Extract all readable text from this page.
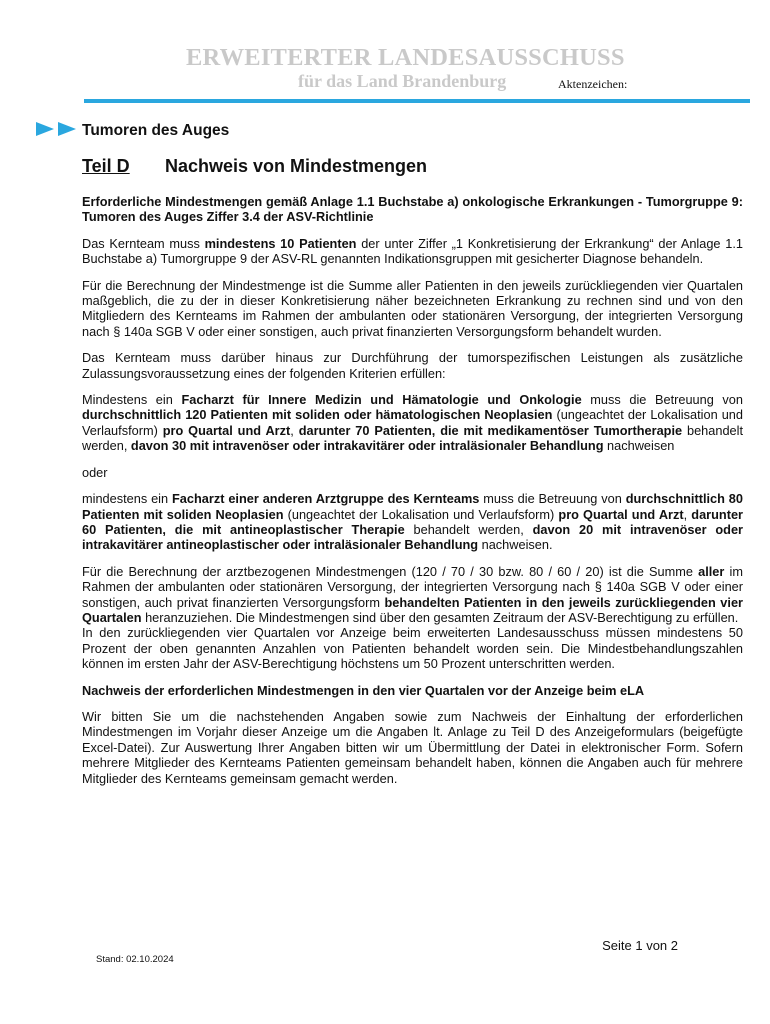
ERWEITERTER LANDESAUSSCHUSS
für das Land Brandenburg	Aktenzeichen:
Tumoren des Auges
Teil D Nachweis von Mindestmengen

Erforderliche Mindestmengen gemäß Anlage 1.1 Buchstabe a) onkologische Erkrankungen - Tumorgruppe 9: Tumoren des Auges Ziffer 3.4 der ASV-Richtlinie

Das Kernteam muss mindestens 10 Patienten der unter Ziffer „1 Konkretisierung der Erkrankung“ der Anlage 1.1 Buchstabe a) Tumorgruppe 9 der ASV-RL genannten Indikationsgruppen mit gesicherter Diagnose behandeln.

Für die Berechnung der Mindestmenge ist die Summe aller Patienten in den jeweils zurückliegenden vier Quartalen maßgeblich, die zu der in dieser Konkretisierung näher bezeichneten Erkrankung zu rechnen sind und von den Mitgliedern des Kernteams im Rahmen der ambulanten oder stationären Versorgung, der integrierten Versorgung nach § 140a SGB V oder einer sonstigen, auch privat finanzierten Versorgungsform behandelt wurden.

Das Kernteam muss darüber hinaus zur Durchführung der tumorspezifischen Leistungen als zusätzliche Zulassungsvoraussetzung eines der folgenden Kriterien erfüllen:

Mindestens ein Facharzt für Innere Medizin und Hämatologie und Onkologie muss die Betreuung von durchschnittlich 120 Patienten mit soliden oder hämatologischen Neoplasien (ungeachtet der Lokalisation und Verlaufsform) pro Quartal und Arzt, darunter 70 Patienten, die mit medikamentöser Tumortherapie behandelt werden, davon 30 mit intravenöser oder intrakavitärer oder intraläsionaler Behandlung nachweisen

oder

mindestens ein Facharzt einer anderen Arztgruppe des Kernteams muss die Betreuung von durchschnittlich 80 Patienten mit soliden Neoplasien (ungeachtet der Lokalisation und Verlaufsform) pro Quartal und Arzt, darunter 60 Patienten, die mit antineoplastischer Therapie behandelt werden, davon 20 mit intravenöser oder intrakavitärer antineoplastischer oder intraläsionaler Behandlung nachweisen.

Für die Berechnung der arztbezogenen Mindestmengen (120 / 70 / 30 bzw. 80 / 60 / 20) ist die Summe aller im Rahmen der ambulanten oder stationären Versorgung, der integrierten Versorgung nach § 140a SGB V oder einer sonstigen, auch privat finanzierten Versorgungsform behandelten Patienten in den jeweils zurückliegenden vier Quartalen heranzuziehen. Die Mindestmengen sind über den gesamten Zeitraum der ASV-Berechtigung zu erfüllen.

In den zurückliegenden vier Quartalen vor Anzeige beim erweiterten Landesausschuss müssen mindestens 50 Prozent der oben genannten Anzahlen von Patienten behandelt worden sein. Die Mindestbehandlungszahlen können im ersten Jahr der ASV-Berechtigung höchstens um 50 Prozent unterschritten werden.

Nachweis der erforderlichen Mindestmengen in den vier Quartalen vor der Anzeige beim eLA

Wir bitten Sie um die nachstehenden Angaben sowie zum Nachweis der Einhaltung der erforderlichen Mindestmengen im Vorjahr dieser Anzeige um die Angaben lt. Anlage zu Teil D des Anzeigeformulars (beigefügte Excel-Datei). Zur Auswertung Ihrer Angaben bitten wir um Übermittlung der Datei in elektronischer Form. Sofern mehrere Mitglieder des Kernteams Patienten gemeinsam behandelt haben, können die Angaben auch für mehrere Mitglieder des Kernteams gemeinsam gemacht werden.

Seite 1 von 2
Stand: 02.10.2024
